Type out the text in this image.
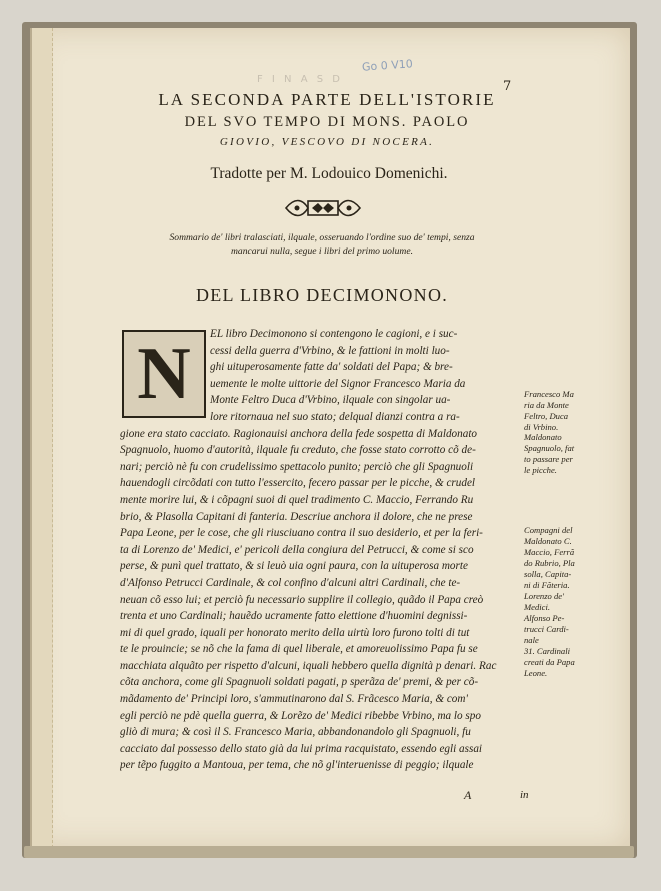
Go 0 V10
F I N A S D	7
LA SECONDA PARTE DELL'ISTORIE
DEL SVO TEMPO DI MONS. PAOLO
GIOVIO, VESCOVO DI NOCERA.
Tradotte per M. Lodouico Domenichi.
Sommario de' libri tralasciati, ilquale, osseruando l'ordine suo de' tempi, senza
mancarui nulla, segue i libri del primo uolume.
DEL LIBRO DECIMONONO.
N	EL libro Decimonono si contengono le cagioni, e i suc-
cessi della guerra d'Vrbino, & le fattioni in molti luo-
ghi uituperosamente fatte da' soldati del Papa; & bre-
uemente le molte uittorie del Signor Francesco Maria da
Monte Feltro Duca d'Vrbino, ilquale con singolar ua-
lore ritornaua nel suo stato; delqual dianzi contra a ra-
gione era stato cacciato. Ragionauisi anchora della fede sospetta di Maldonato
Spagnuolo, huomo d'autorità, ilquale fu creduto, che fosse stato corrotto cõ de-
nari; perciò nè fu con crudelissimo spettacolo punito; perciò che gli Spagnuoli
hauendogli circõdati con tutto l'essercito, fecero passar per le picche, & crudel
mente morire lui, & i cõpagni suoi di quel tradimento C. Maccio, Ferrando Ru
brio, & Plasolla Capitani di fanteria. Descriue anchora il dolore, che ne prese
Papa Leone, per le cose, che gli riusciuano contra il suo desiderio, et per la feri-
ta di Lorenzo de' Medici, e' pericoli della congiura del Petrucci, & come si sco
perse, & punì quel trattato, & si leuò uia ogni paura, con la uituperosa morte
d'Alfonso Petrucci Cardinale, & col confino d'alcuni altri Cardinali, che te-
neuan cõ esso lui; et perciò fu necessario supplire il collegio, quãdo il Papa creò
trenta et uno Cardinali; hauẽdo ucramente fatto elettione d'huomini degnissi-
mi di quel grado, iquali per honorato merito della uirtù loro furono tolti di tut
te le prouincie; se nõ che la fama di quel liberale, et amoreuolissimo Papa fu se
macchiata alquãto per rispetto d'alcuni, iquali hebbero quella dignità p denari. Rac
cõta anchora, come gli Spagnuoli soldati pagati, p sperãza de' premi, & per cõ-
mãdamento de' Principi loro, s'ammutinarono dal S. Frãcesco Maria, & com'
egli perciò ne pdè quella guerra, & Lorẽzo de' Medici ribebbe Vrbino, ma lo spo
gliò di mura; & così il S. Francesco Maria, abbandonandolo gli Spagnuoli, fu
cacciato dal possesso dello stato già da lui prima racquistato, essendo egli assai
per tẽpo fuggito a Mantoua, per tema, che nõ gl'interuenisse di peggio; ilquale
Francesco Ma
ria da Monte
Feltro, Duca
di Vrbino.
Maldonato
Spagnuolo, fat
to passare per
le picche.
Compagni del
Maldonato C.
Maccio, Ferrã
do Rubrio, Pla
solla, Capita-
ni di Fãteria.
Lorenzo de'
Medici.
Alfonso Pe-
trucci Cardi-
nale
31. Cardinali
creati da Papa
Leone.
A	in
